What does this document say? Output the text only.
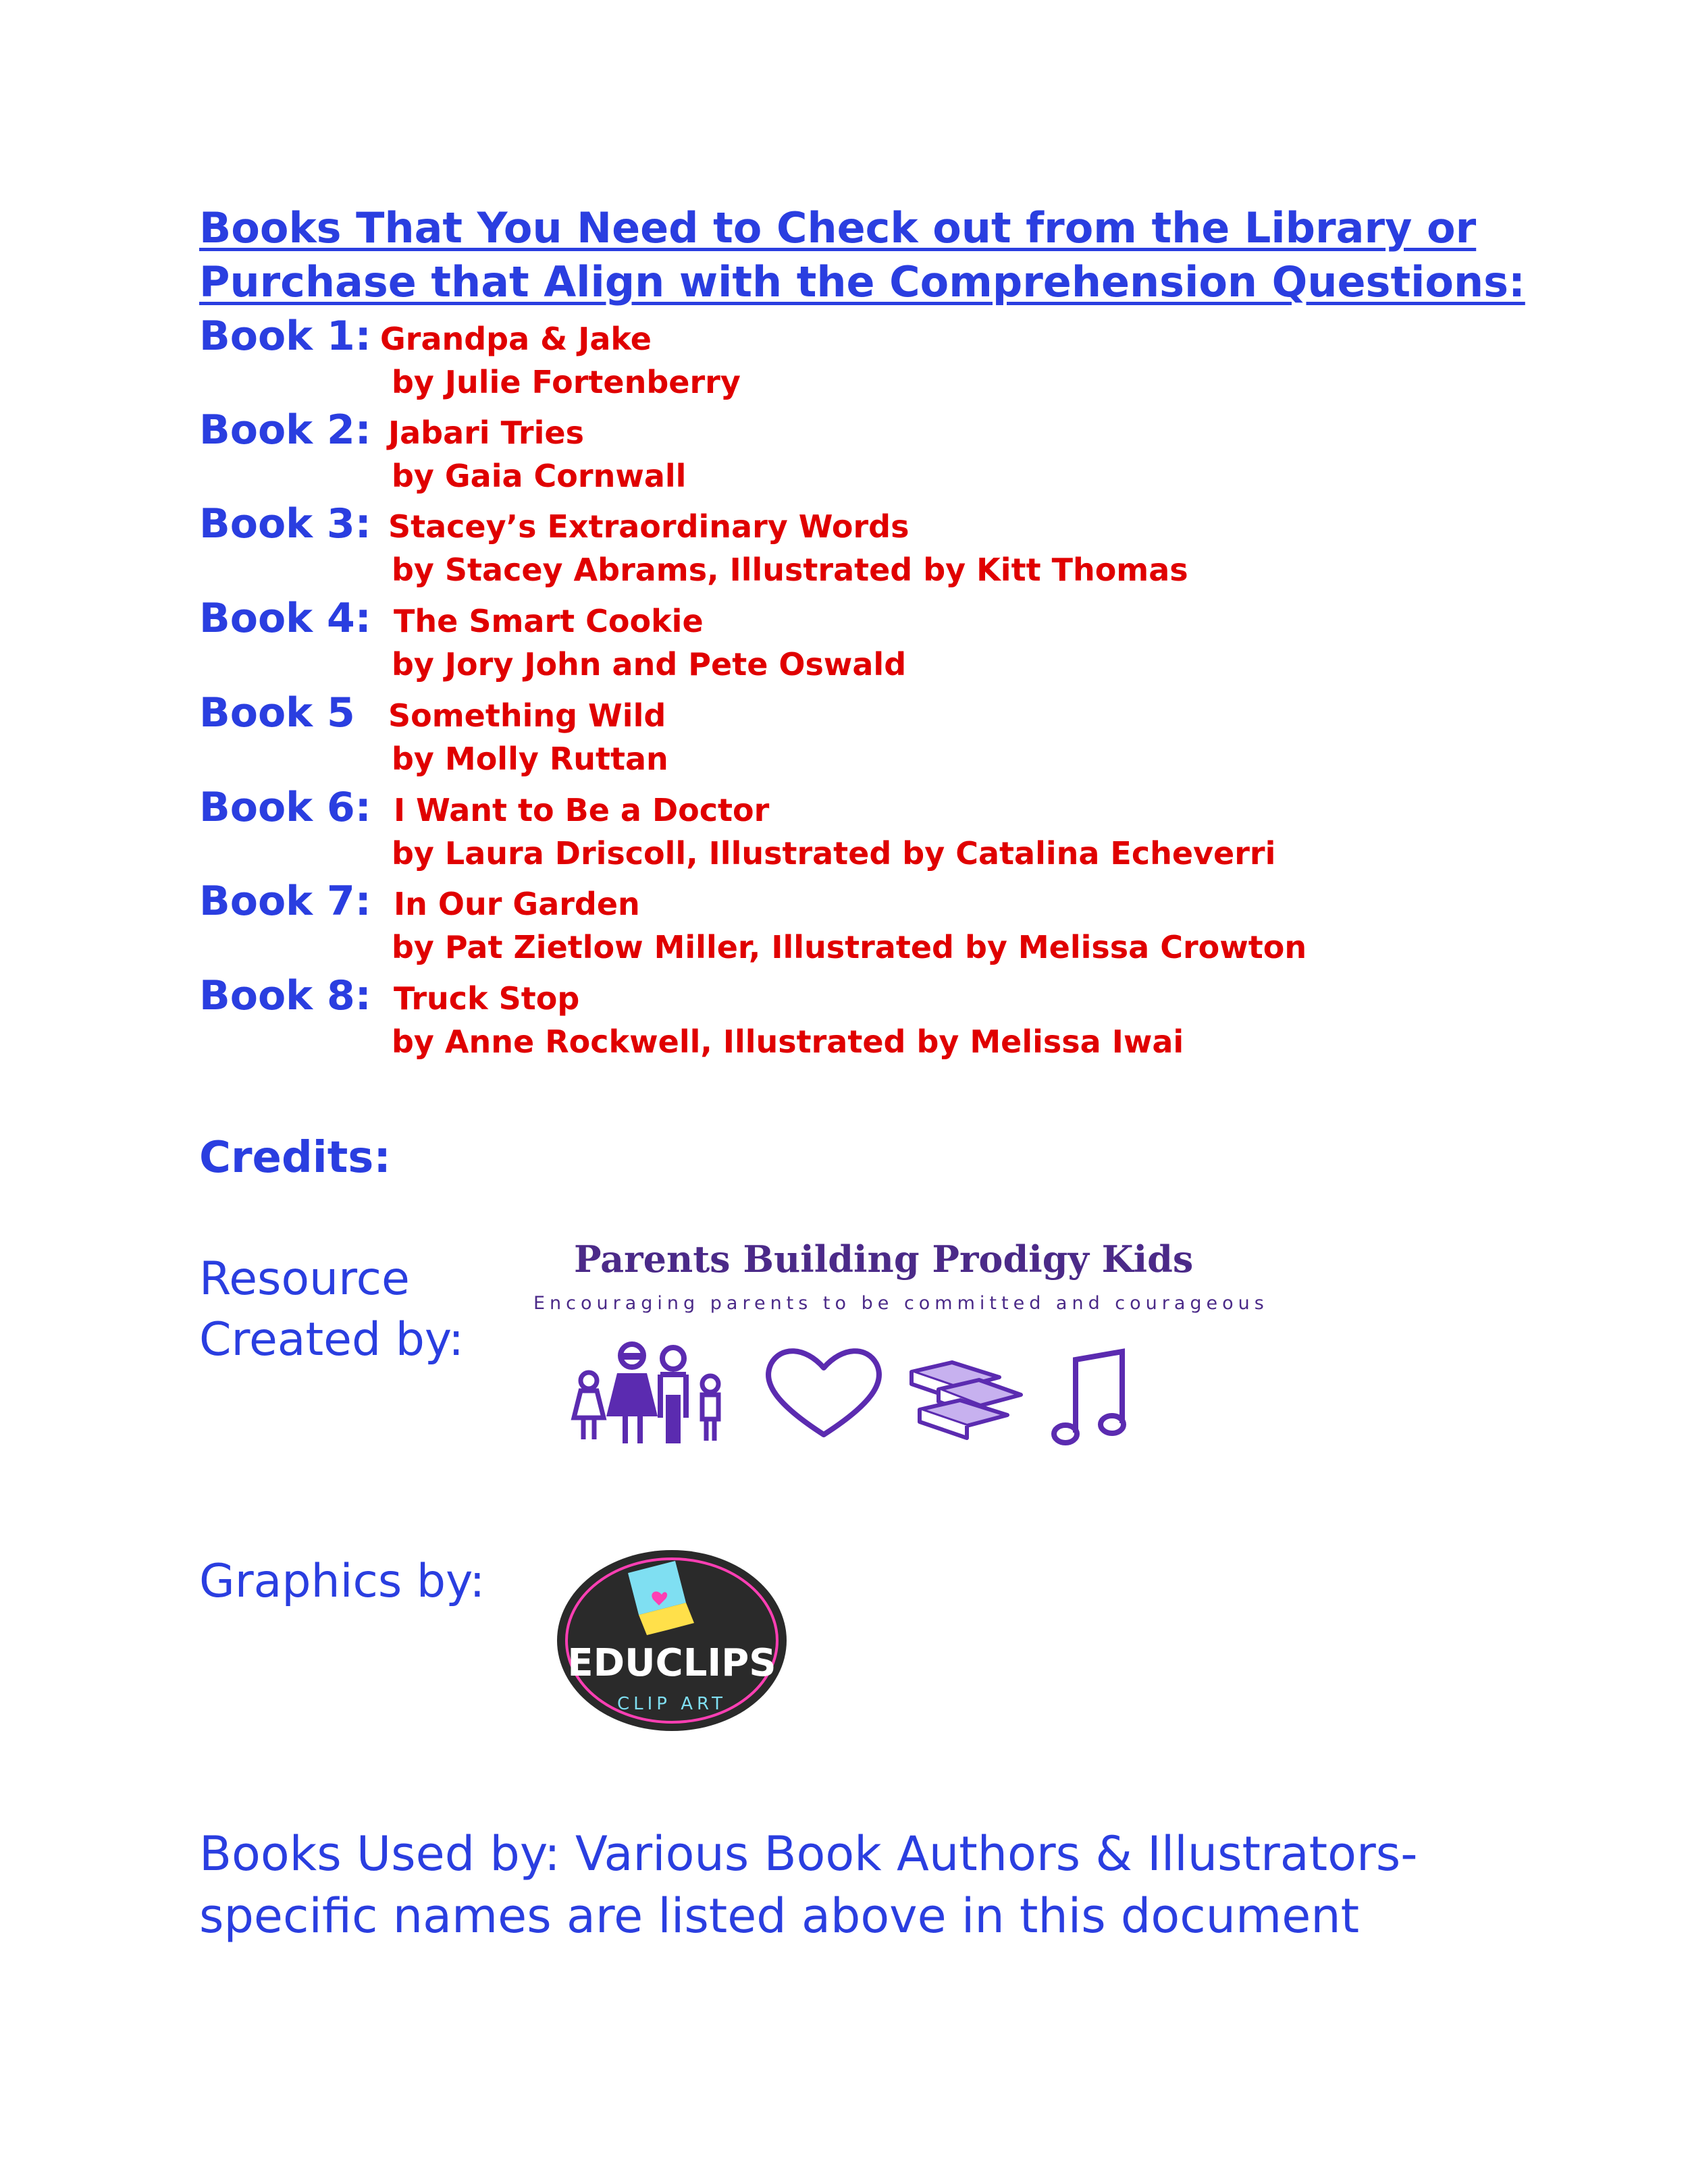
Books That You Need to Check out from the Library or
Purchase that Align with the Comprehension Questions:
Book 1: Grandpa & Jake
by Julie Fortenberry
Book 2: Jabari Tries
by Gaia Cornwall
Book 3: Stacey’s Extraordinary Words
by Stacey Abrams, Illustrated by Kitt Thomas
Book 4: The Smart Cookie
by Jory John and Pete Oswald
Book 5 Something Wild
by Molly Ruttan
Book 6: I Want to Be a Doctor
by Laura Driscoll, Illustrated by Catalina Echeverri
Book 7: In Our Garden
by Pat Zietlow Miller, Illustrated by Melissa Crowton
Book 8: Truck Stop
by Anne Rockwell, Illustrated by Melissa Iwai
Credits:
Resource
Created by:
Parents Building Prodigy Kids
Encouraging parents to be committed and courageous
Graphics by:
EDUCLIPS
CLIP ART
Books Used by: Various Book Authors & Illustrators-
specific names are listed above in this document
